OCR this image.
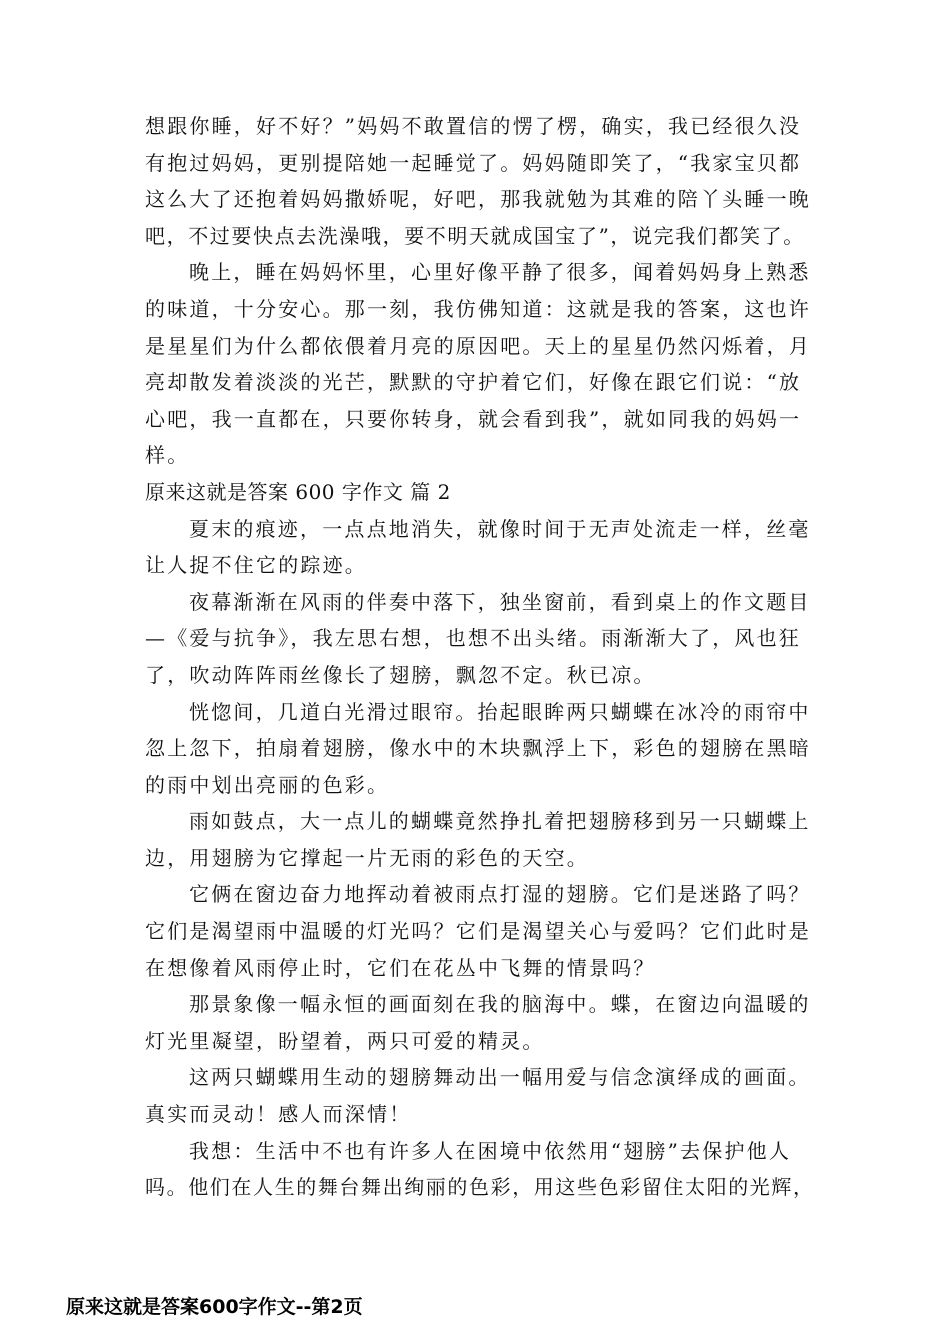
想跟你睡，好不好？”妈妈不敢置信的愣了楞，确实，我已经很久没
有抱过妈妈，更别提陪她一起睡觉了。妈妈随即笑了，“我家宝贝都
这么大了还抱着妈妈撒娇呢，好吧，那我就勉为其难的陪丫头睡一晚
吧，不过要快点去洗澡哦，要不明天就成国宝了”，说完我们都笑了。
晚上，睡在妈妈怀里，心里好像平静了很多，闻着妈妈身上熟悉
的味道，十分安心。那一刻，我仿佛知道：这就是我的答案，这也许
是星星们为什么都依偎着月亮的原因吧。天上的星星仍然闪烁着，月
亮却散发着淡淡的光芒，默默的守护着它们，好像在跟它们说：“放
心吧，我一直都在，只要你转身，就会看到我”，就如同我的妈妈一
样。
原来这就是答案 600 字作文 篇 2
夏末的痕迹，一点点地消失，就像时间于无声处流走一样，丝毫
让人捉不住它的踪迹。
夜幕渐渐在风雨的伴奏中落下，独坐窗前，看到桌上的作文题目
—《爱与抗争》，我左思右想，也想不出头绪。雨渐渐大了，风也狂
了，吹动阵阵雨丝像长了翅膀，飘忽不定。秋已凉。
恍惚间，几道白光滑过眼帘。抬起眼眸两只蝴蝶在冰冷的雨帘中
忽上忽下，拍扇着翅膀，像水中的木块飘浮上下，彩色的翅膀在黑暗
的雨中划出亮丽的色彩。
雨如鼓点，大一点儿的蝴蝶竟然挣扎着把翅膀移到另一只蝴蝶上
边，用翅膀为它撑起一片无雨的彩色的天空。
它俩在窗边奋力地挥动着被雨点打湿的翅膀。它们是迷路了吗？
它们是渴望雨中温暖的灯光吗？它们是渴望关心与爱吗？它们此时是
在想像着风雨停止时，它们在花丛中飞舞的情景吗？
那景象像一幅永恒的画面刻在我的脑海中。蝶，在窗边向温暖的
灯光里凝望，盼望着，两只可爱的精灵。
这两只蝴蝶用生动的翅膀舞动出一幅用爱与信念演绎成的画面。
真实而灵动！感人而深情！
我想：生活中不也有许多人在困境中依然用“翅膀”去保护他人
吗。他们在人生的舞台舞出绚丽的色彩，用这些色彩留住太阳的光辉，
原来这就是答案600字作文--第2页
